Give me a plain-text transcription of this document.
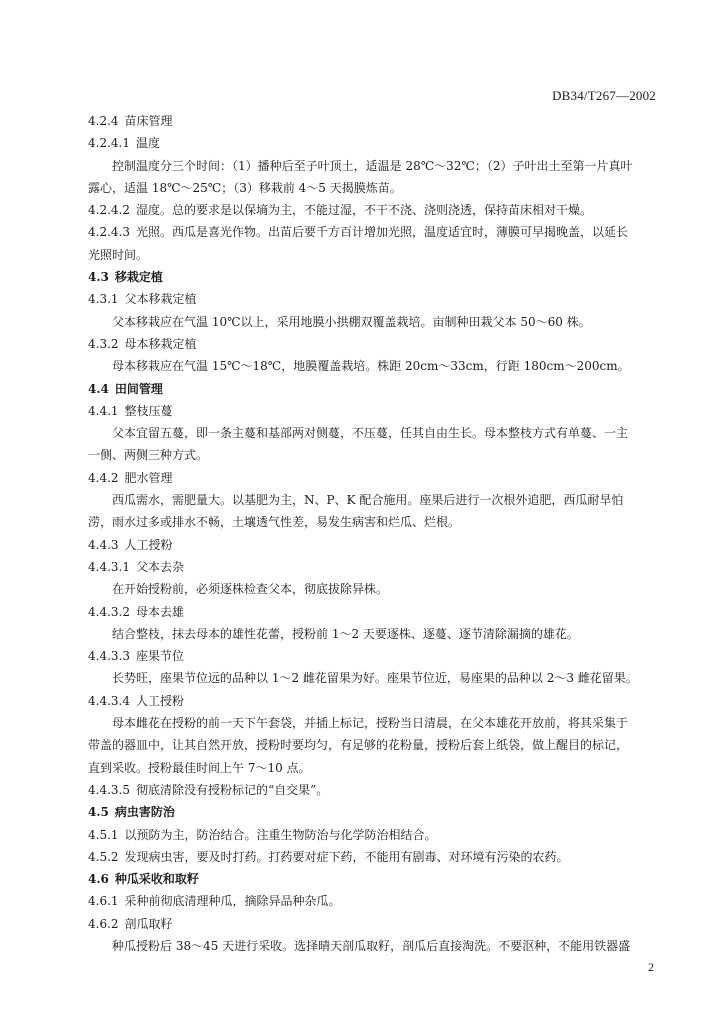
DB34/T267—2002
4.2.4 苗床管理
4.2.4.1 温度
控制温度分三个时间：（1）播种后至子叶顶土，适温是 28℃～32℃；（2）子叶出土至第一片真叶
露心，适温 18℃～25℃；（3）移栽前 4～5 天揭膜炼苗。
4.2.4.2 湿度。总的要求是以保墒为主，不能过湿，不干不浇、浇则浇透，保持苗床相对干燥。
4.2.4.3 光照。西瓜是喜光作物。出苗后要千方百计增加光照，温度适宜时，薄膜可早揭晚盖，以延长
光照时间。
4.3 移栽定植
4.3.1 父本移栽定植
父本移栽应在气温 10℃以上，采用地膜小拱棚双覆盖栽培。亩制种田栽父本 50～60 株。
4.3.2 母本移栽定植
母本移栽应在气温 15℃～18℃，地膜覆盖栽培。株距 20cm～33cm，行距 180cm～200cm。
4.4 田间管理
4.4.1 整枝压蔓
父本宜留五蔓，即一条主蔓和基部两对侧蔓，不压蔓，任其自由生长。母本整枝方式有单蔓、一主
一侧、两侧三种方式。
4.4.2 肥水管理
西瓜需水，需肥量大。以基肥为主，N、P、K 配合施用。座果后进行一次根外追肥，西瓜耐旱怕
涝，雨水过多或排水不畅，土壤透气性差，易发生病害和烂瓜、烂根。
4.4.3 人工授粉
4.4.3.1 父本去杂
在开始授粉前，必须逐株检查父本，彻底拔除异株。
4.4.3.2 母本去雄
结合整枝，抹去母本的雄性花蕾，授粉前 1～2 天要逐株、逐蔓、逐节清除漏摘的雄花。
4.4.3.3 座果节位
长势旺，座果节位远的品种以 1～2 雌花留果为好。座果节位近，易座果的品种以 2～3 雌花留果。
4.4.3.4 人工授粉
母本雌花在授粉的前一天下午套袋，并插上标记，授粉当日清晨，在父本雄花开放前，将其采集于
带盖的器皿中，让其自然开放，授粉时要均匀，有足够的花粉量，授粉后套上纸袋，做上醒目的标记，
直到采收。授粉最佳时间上午 7～10 点。
4.4.3.5 彻底清除没有授粉标记的“自交果”。
4.5 病虫害防治
4.5.1 以预防为主，防治结合。注重生物防治与化学防治相结合。
4.5.2 发现病虫害，要及时打药。打药要对症下药，不能用有剧毒、对环境有污染的农药。
4.6 种瓜采收和取籽
4.6.1 采种前彻底清理种瓜，摘除异品种杂瓜。
4.6.2 剖瓜取籽
种瓜授粉后 38～45 天进行采收。选择晴天剖瓜取籽，剖瓜后直接淘洗。不要沤种，不能用铁器盛
2
